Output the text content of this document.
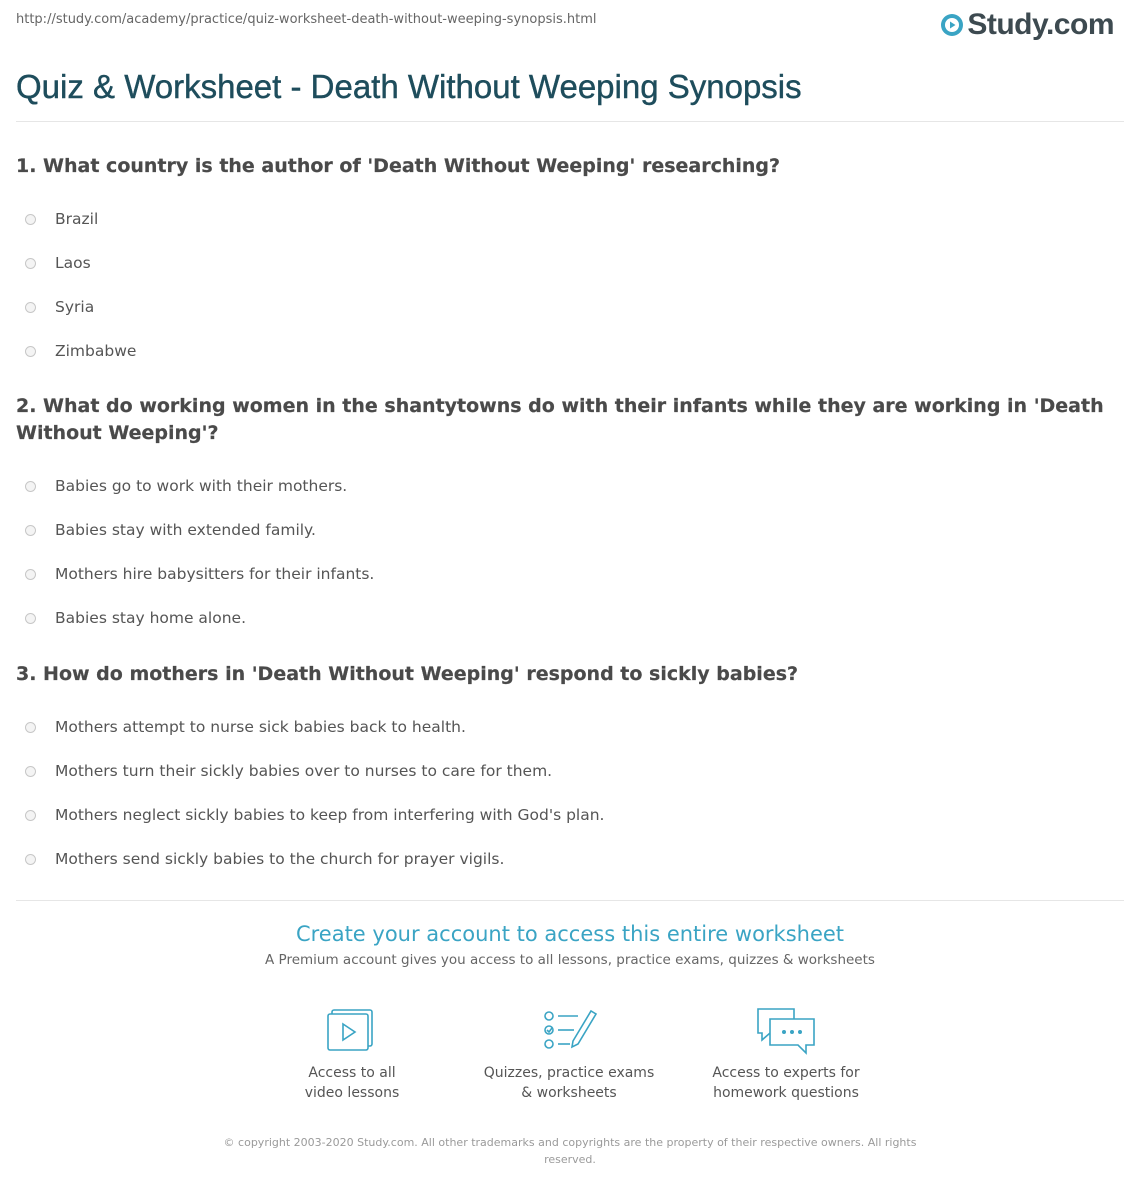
http://study.com/academy/practice/quiz-worksheet-death-without-weeping-synopsis.html	Study.com
Quiz & Worksheet - Death Without Weeping Synopsis

1. What country is the author of 'Death Without Weeping' researching?

Brazil
Laos
Syria
Zimbabwe

2. What do working women in the shantytowns do with their infants while they are working in 'Death Without Weeping'?

Babies go to work with their mothers.
Babies stay with extended family.
Mothers hire babysitters for their infants.
Babies stay home alone.

3. How do mothers in 'Death Without Weeping' respond to sickly babies?

Mothers attempt to nurse sick babies back to health.
Mothers turn their sickly babies over to nurses to care for them.
Mothers neglect sickly babies to keep from interfering with God's plan.
Mothers send sickly babies to the church for prayer vigils.
Create your account to access this entire worksheet
A Premium account gives you access to all lessons, practice exams, quizzes & worksheets
Access to all
video lessons
Quizzes, practice exams
& worksheets
Access to experts for
homework questions
© copyright 2003-2020 Study.com. All other trademarks and copyrights are the property of their respective owners. All rights reserved.
